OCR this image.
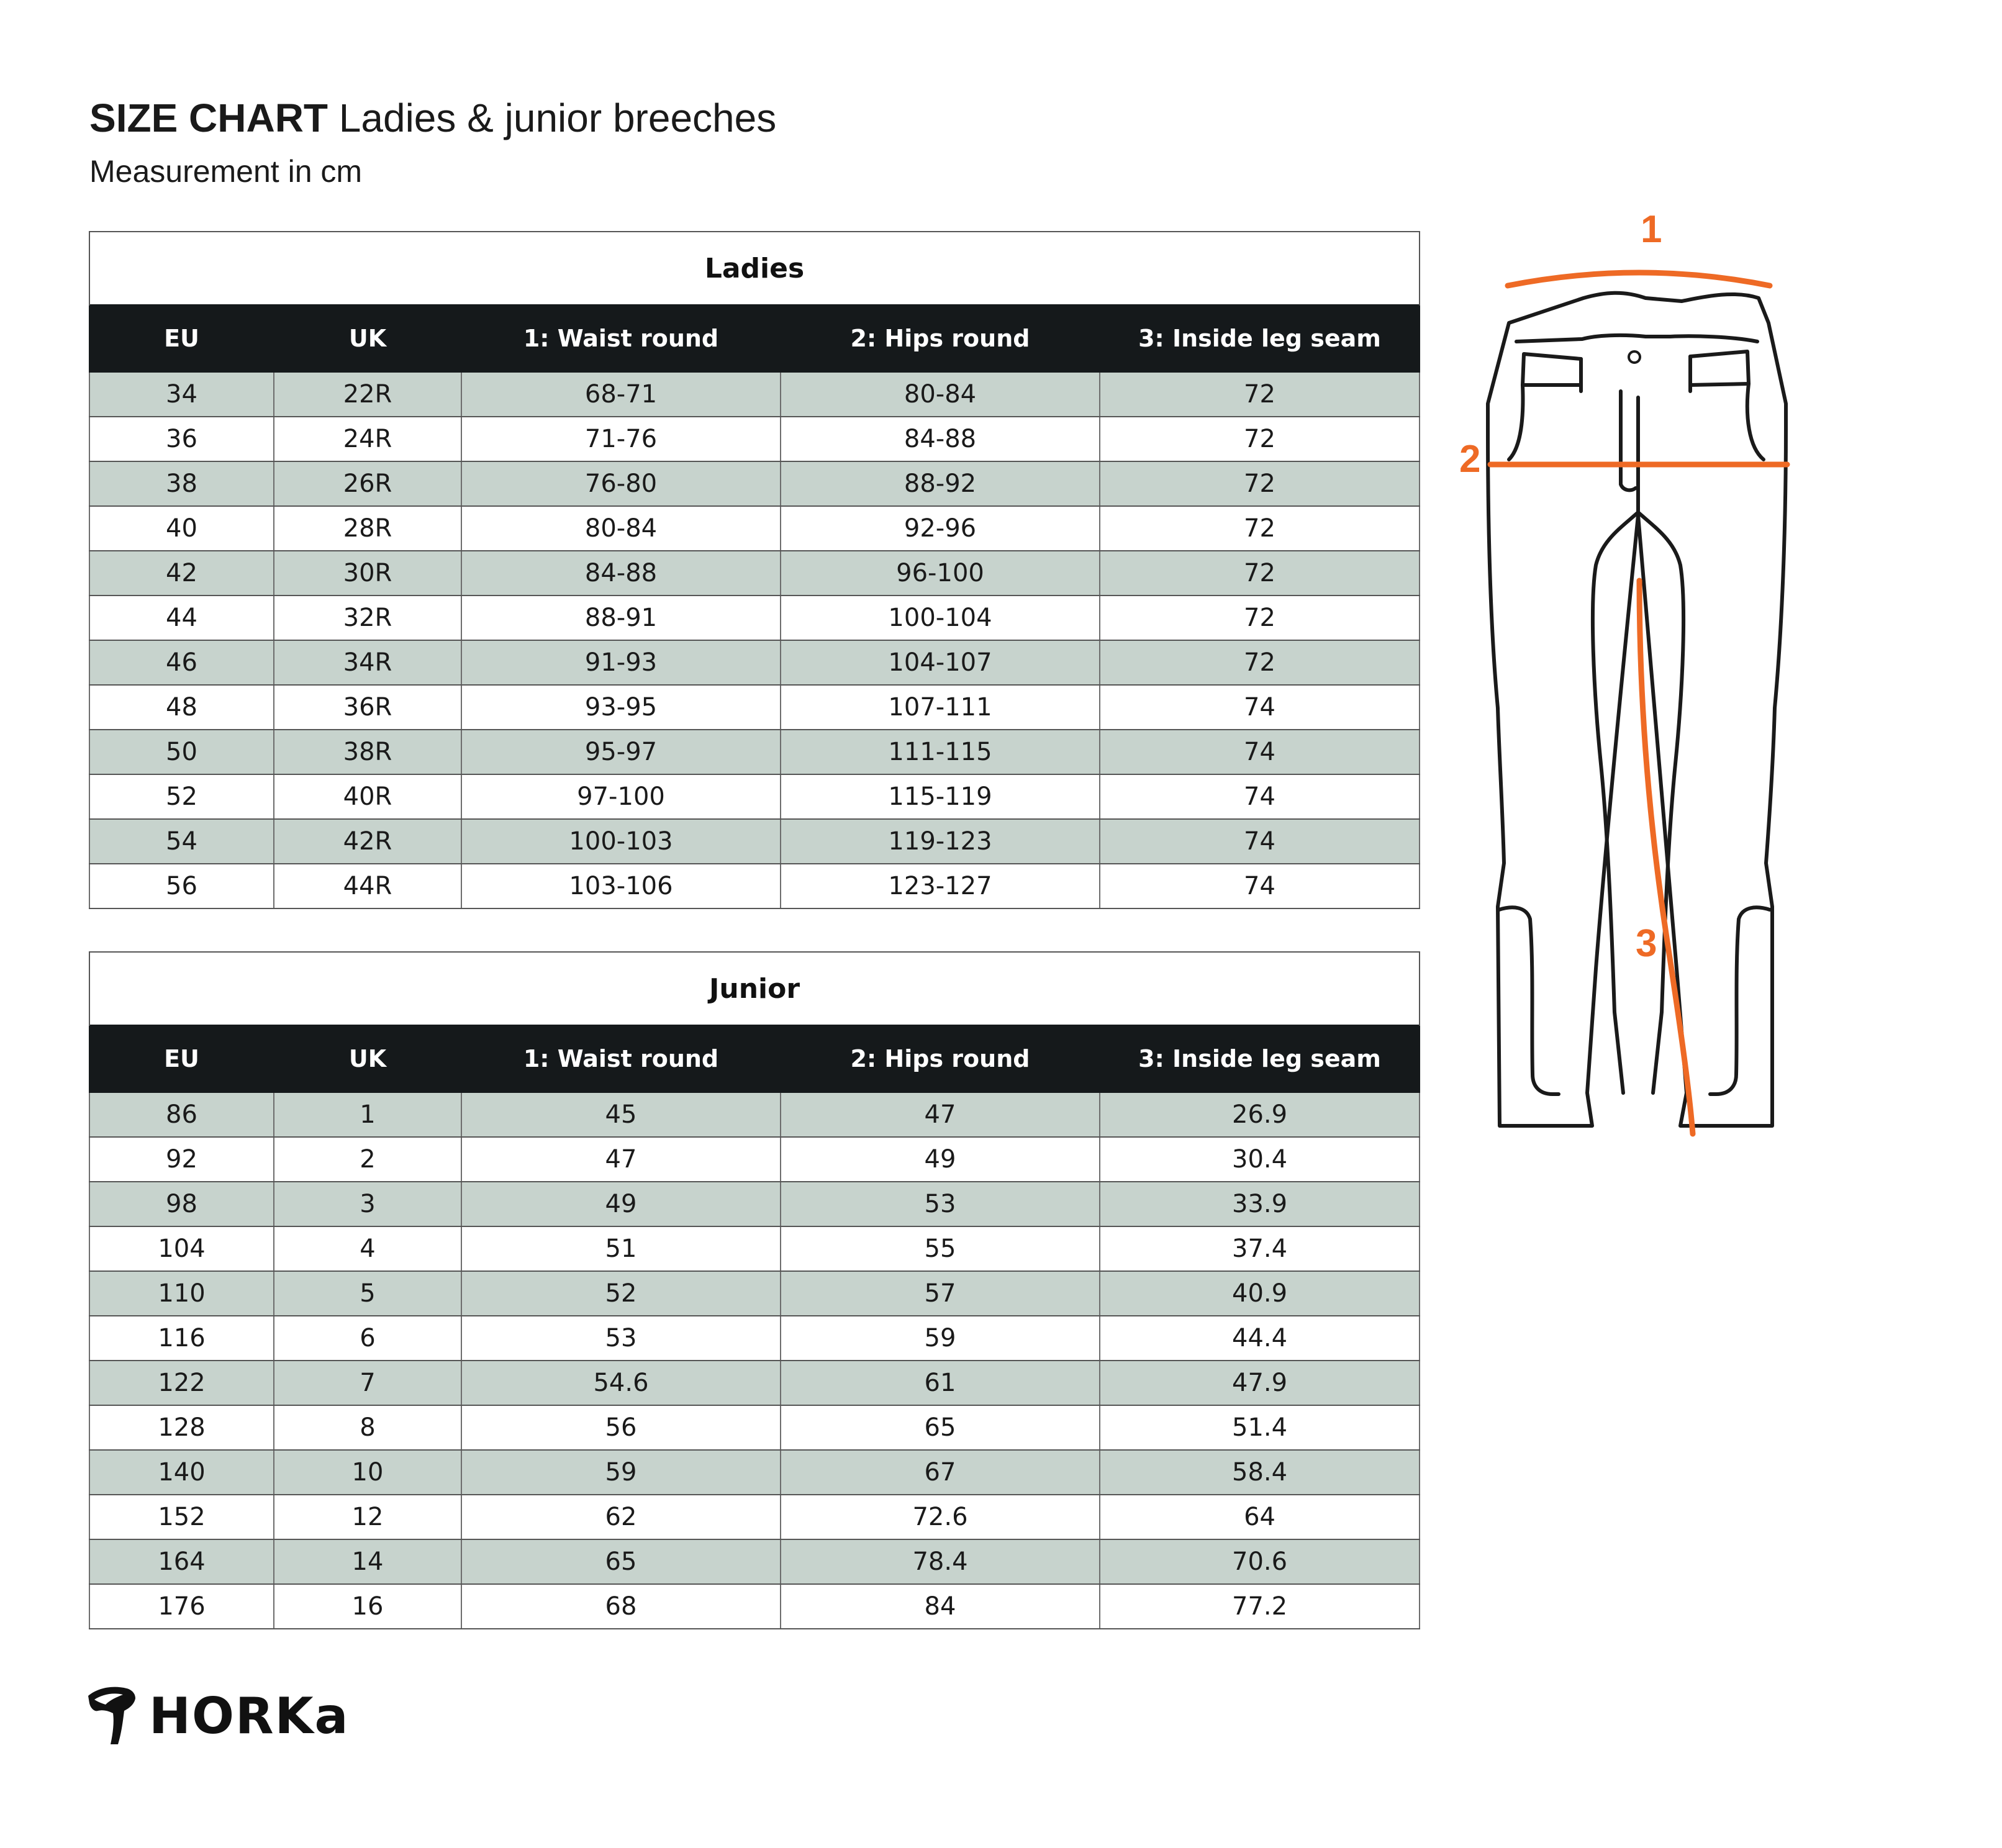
SIZE CHART Ladies & junior breeches
Measurement in cm
Ladies				
EU	UK	1: Waist round	2: Hips round	3: Inside leg seam
34	22R	68-71	80-84	72
36	24R	71-76	84-88	72
38	26R	76-80	88-92	72
40	28R	80-84	92-96	72
42	30R	84-88	96-100	72
44	32R	88-91	100-104	72
46	34R	91-93	104-107	72
48	36R	93-95	107-111	74
50	38R	95-97	111-115	74
52	40R	97-100	115-119	74
54	42R	100-103	119-123	74
56	44R	103-106	123-127	74
Junior				
EU	UK	1: Waist round	2: Hips round	3: Inside leg seam
86	1	45	47	26.9
92	2	47	49	30.4
98	3	49	53	33.9
104	4	51	55	37.4
110	5	52	57	40.9
116	6	53	59	44.4
122	7	54.6	61	47.9
128	8	56	65	51.4
140	10	59	67	58.4
152	12	62	72.6	64
164	14	65	78.4	70.6
176	16	68	84	77.2
1
2
3
HORKa
